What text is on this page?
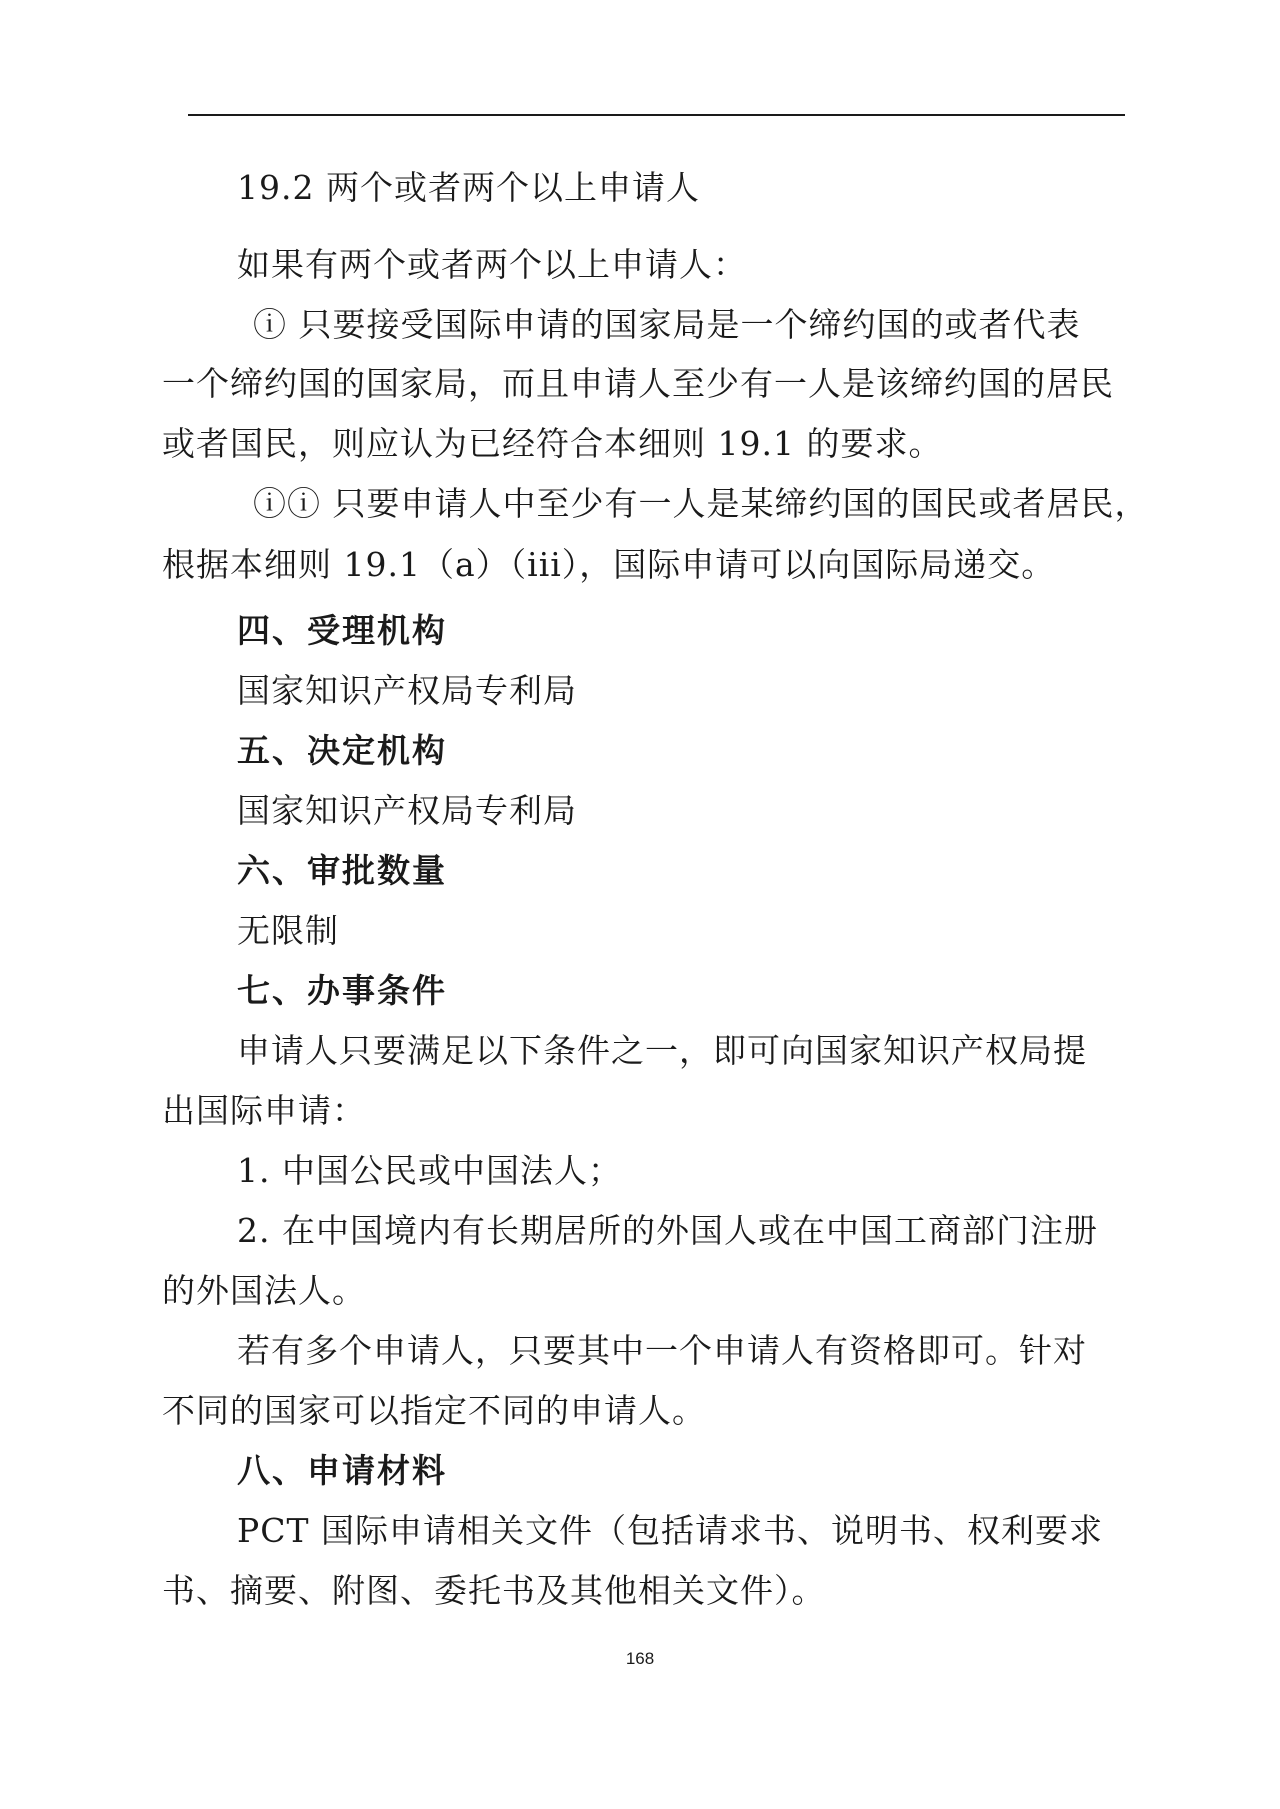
19.2 两个或者两个以上申请人
如果有两个或者两个以上申请人：
ⓘ 只要接受国际申请的国家局是一个缔约国的或者代表
一个缔约国的国家局，而且申请人至少有一人是该缔约国的居民
或者国民，则应认为已经符合本细则 19.1 的要求。
ⓘⓘ 只要申请人中至少有一人是某缔约国的国民或者居民，
根据本细则 19.1（a）（iii），国际申请可以向国际局递交。
四、受理机构
国家知识产权局专利局
五、决定机构
国家知识产权局专利局
六、审批数量
无限制
七、办事条件
申请人只要满足以下条件之一，即可向国家知识产权局提
出国际申请：
1. 中国公民或中国法人；
2. 在中国境内有长期居所的外国人或在中国工商部门注册
的外国法人。
若有多个申请人，只要其中一个申请人有资格即可。针对
不同的国家可以指定不同的申请人。
八、申请材料
PCT 国际申请相关文件（包括请求书、说明书、权利要求
书、摘要、附图、委托书及其他相关文件）。
168
